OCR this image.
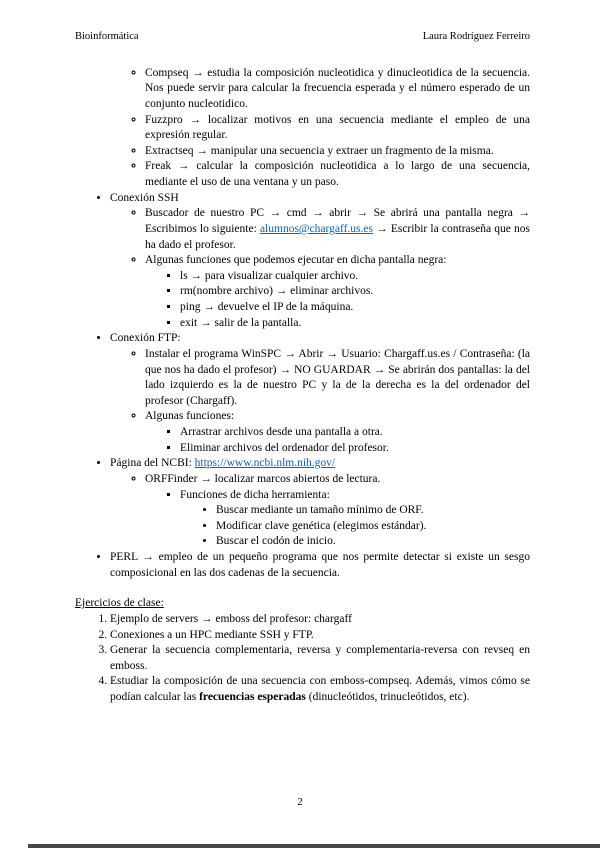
Bioinformática	Laura Rodríguez Ferreiro
◦ Compseq → estudia la composición nucleotidica y dinucleotidica de la secuencia. Nos puede servir para calcular la frecuencia esperada y el número esperado de un conjunto nucleotidico.
◦ Fuzzpro → localizar motivos en una secuencia mediante el empleo de una expresión regular.
◦ Extractseq → manipular una secuencia y extraer un fragmento de la misma.
◦ Freak → calcular la composición nucleotidica a lo largo de una secuencia, mediante el uso de una ventana y un paso.
• Conexión SSH
◦ Buscador de nuestro PC → cmd → abrir → Se abrirá una pantalla negra → Escribimos lo siguiente: alumnos@chargaff.us.es → Escribir la contraseña que nos ha dado el profesor.
◦ Algunas funciones que podemos ejecutar en dicha pantalla negra:
▪ ls → para visualizar cualquier archivo.
▪ rm(nombre archivo) → eliminar archivos.
▪ ping → devuelve el IP de la máquina.
▪ exit → salir de la pantalla.
• Conexión FTP:
◦ Instalar el programa WinSPC → Abrir → Usuario: Chargaff.us.es / Contraseña: (la que nos ha dado el profesor) → NO GUARDAR → Se abrirán dos pantallas: la del lado izquierdo es la de nuestro PC y la de la derecha es la del ordenador del profesor (Chargaff).
◦ Algunas funciones:
▪ Arrastrar archivos desde una pantalla a otra.
▪ Eliminar archivos del ordenador del profesor.
• Página del NCBI: https://www.ncbi.nlm.nih.gov/
◦ ORFFinder → localizar marcos abiertos de lectura.
▪ Funciones de dicha herramienta:
• Buscar mediante un tamaño mínimo de ORF.
• Modificar clave genética (elegimos estándar).
• Buscar el codón de inicio.
• PERL → empleo de un pequeño programa que nos permite detectar si existe un sesgo composicional en las dos cadenas de la secuencia.

Ejercicios de clase:

1. Ejemplo de servers → emboss del profesor: chargaff
2. Conexiones a un HPC mediante SSH y FTP.
3. Generar la secuencia complementaria, reversa y complementaria-reversa con revseq en emboss.
4. Estudiar la composición de una secuencia con emboss-compseq. Además, vimos cómo se podían calcular las frecuencias esperadas (dinucleótidos, trinucleótidos, etc).
2
